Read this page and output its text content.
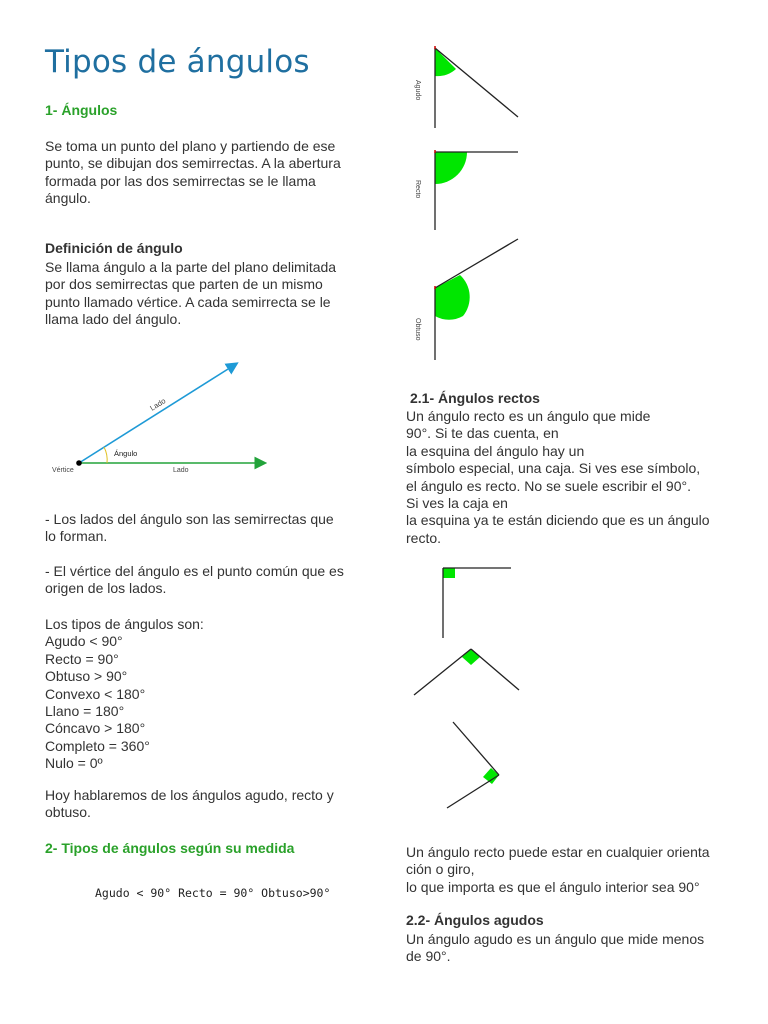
Tipos de ángulos

1- Ángulos

Se toma un punto del plano y partiendo de ese
punto, se dibujan dos semirrectas. A la abertura
formada por las dos semirrectas se le llama
ángulo.

Definición de ángulo

Se llama ángulo a la parte del plano delimitada
por dos semirrectas que parten de un mismo
punto llamado vértice. A cada semirrecta se le
llama lado del ángulo.

Lado
Ángulo
Vértice	Lado

- Los lados del ángulo son las semirrectas que
lo forman.

- El vértice del ángulo es el punto común que es
origen de los lados.

Los tipos de ángulos son:

Agudo < 90°

Recto = 90°

Obtuso > 90°

Convexo < 180°

Llano = 180°

Cóncavo > 180°

Completo = 360°

Nulo = 0º

Hoy hablaremos de los ángulos agudo, recto y
obtuso.

2- Tipos de ángulos según su medida

Agudo < 90° Recto = 90° Obtuso>90°

Agudo
Recto
Obtuso

2.1- Ángulos rectos

Un ángulo recto es un ángulo que mide
90°. Si te das cuenta, en
la esquina del ángulo hay un
símbolo especial, una caja. Si ves ese símbolo,
el ángulo es recto. No se suele escribir el 90°.
Si ves la caja en
la esquina ya te están diciendo que es un ángulo
recto.

Un ángulo recto puede estar en cualquier orienta
ción o giro,
lo que importa es que el ángulo interior sea 90°

2.2- Ángulos agudos

Un ángulo agudo es un ángulo que mide menos
de 90°.
